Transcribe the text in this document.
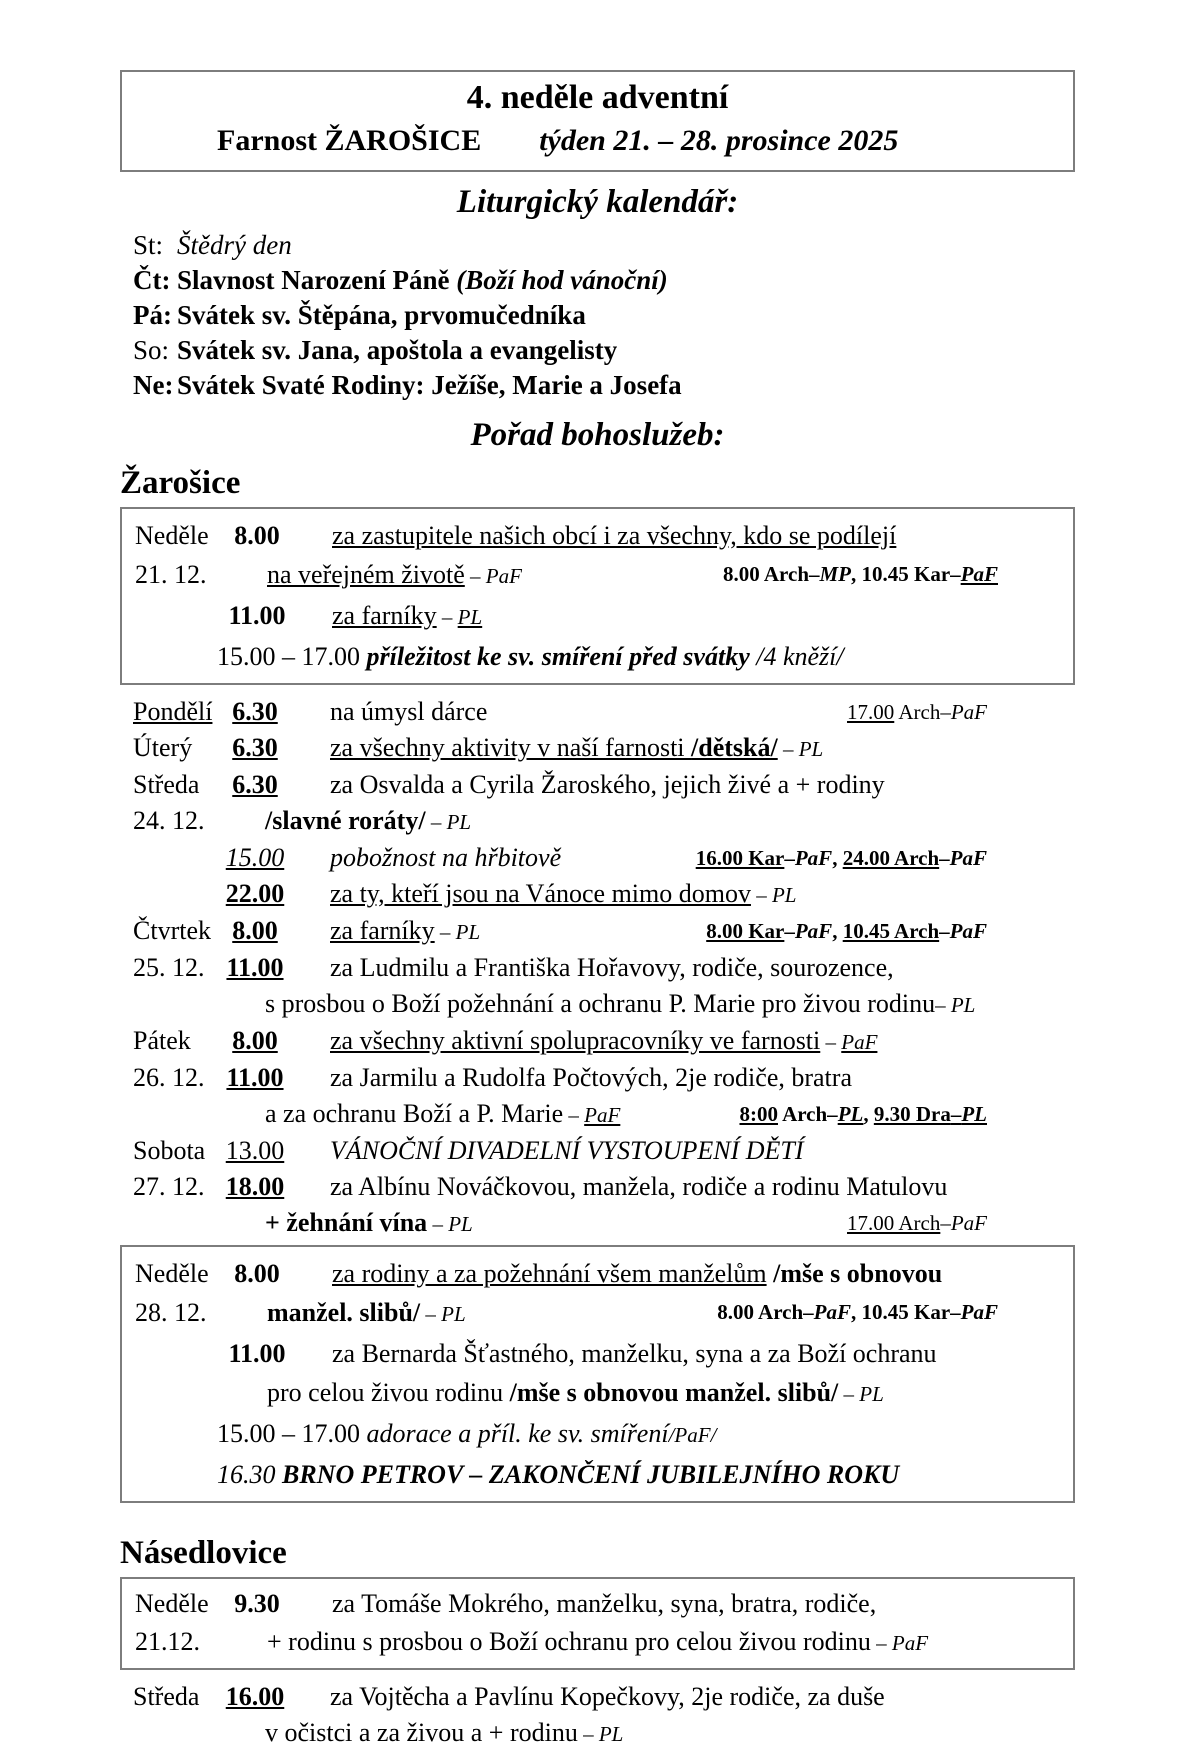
4. neděle adventní
Farnost ŽAROŠICE týden 21. – 28. prosince 2025
Liturgický kalendář:
St:Štědrý den
Čt:Slavnost Narození Páně (Boží hod vánoční)
Pá:Svátek sv. Štěpána, prvomučedníka
So:Svátek sv. Jana, apoštola a evangelisty
Ne:Svátek Svaté Rodiny: Ježíše, Marie a Josefa
Pořad bohoslužeb:
Žarošice
Neděle 8.00 za zastupitele našich obcí i za všechny, kdo se podílejí
21. 12. na veřejném životě – PaF	8.00 Arch–MP, 10.45 Kar–PaF
11.00 za farníky – PL
15.00 – 17.00 příležitost ke sv. smíření před svátky /4 kněží/
Pondělí 6.30 na úmysl dárce	17.00 Arch–PaF
Úterý	6.30 za všechny aktivity v naší farnosti /dětská/ – PL
Středa	6.30 za Osvalda a Cyrila Žaroského, jejich živé a + rodiny
24. 12. /slavné roráty/ – PL
15.00 pobožnost na hřbitově	16.00 Kar–PaF, 24.00 Arch–PaF
22.00 za ty, kteří jsou na Vánoce mimo domov – PL
Čtvrtek 8.00 za farníky – PL	8.00 Kar–PaF, 10.45 Arch–PaF
25. 12. 11.00 za Ludmilu a Františka Hořavovy, rodiče, sourozence,
s prosbou o Boží požehnání a ochranu P. Marie pro živou rodinu– PL
Pátek	8.00 za všechny aktivní spolupracovníky ve farnosti – PaF
26. 12. 11.00 za Jarmilu a Rudolfa Počtových, 2je rodiče, bratra
a za ochranu Boží a P. Marie – PaF	8:00 Arch–PL, 9.30 Dra–PL
Sobota 13.00 VÁNOČNÍ DIVADELNÍ VYSTOUPENÍ DĚTÍ
27. 12. 18.00 za Albínu Nováčkovou, manžela, rodiče a rodinu Matulovu
+ žehnání vína – PL	17.00 Arch–PaF
Neděle 8.00 za rodiny a za požehnání všem manželům /mše s obnovou
28. 12. manžel. slibů/ – PL	8.00 Arch–PaF, 10.45 Kar–PaF
11.00 za Bernarda Šťastného, manželku, syna a za Boží ochranu
pro celou živou rodinu /mše s obnovou manžel. slibů/ – PL
15.00 – 17.00 adorace a příl. ke sv. smíření/PaF/
16.30 BRNO PETROV – ZAKONČENÍ JUBILEJNÍHO ROKU
Násedlovice
Neděle 9.30 za Tomáše Mokrého, manželku, syna, bratra, rodiče,
21.12.	+ rodinu s prosbou o Boží ochranu pro celou živou rodinu – PaF
Středa	16.00 za Vojtěcha a Pavlínu Kopečkovy, 2je rodiče, za duše
v očistci a za živou a + rodinu – PL
